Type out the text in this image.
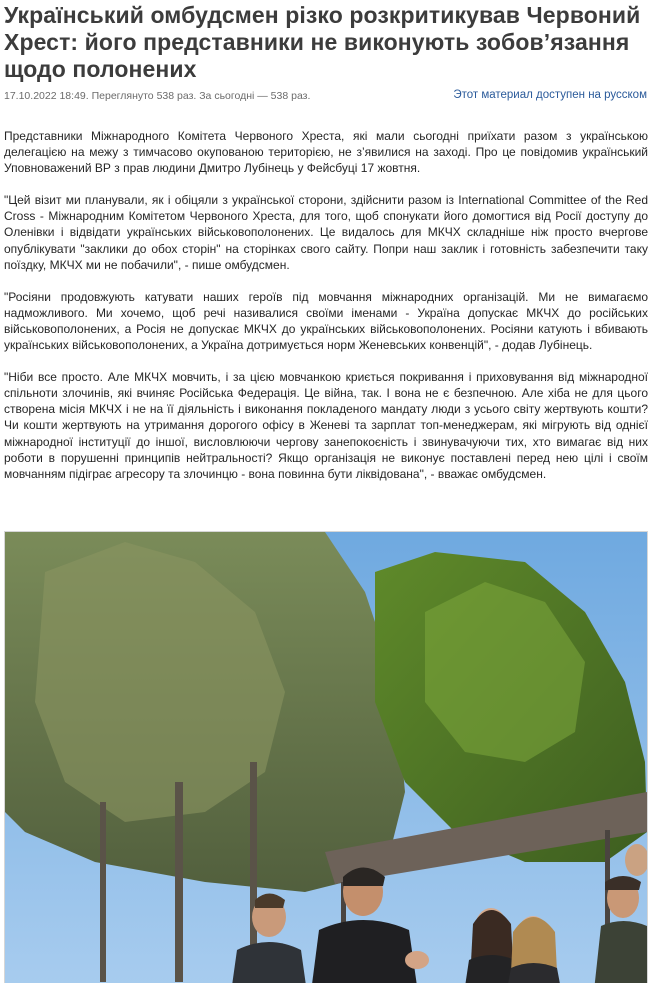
Український омбудсмен різко розкритикував Червоний Хрест: його представники не виконують зобов’язання щодо полонених
17.10.2022 18:49. Переглянуто 538 раз. За сьогодні — 538 раз.	Этот материал доступен на русском

Представники Міжнародного Комітета Червоного Хреста, які мали сьогодні приїхати разом з українською делегацією на межу з тимчасово окупованою територією, не з’явилися на заході. Про це повідомив український Уповноважений ВР з прав людини Дмитро Лубінець у Фейсбуці 17 жовтня.

"Цей візит ми планували, як і обіцяли з української сторони, здійснити разом із International Committee of the Red Cross - Міжнародним Комітетом Червоного Хреста, для того, щоб спонукати його домогтися від Росії доступу до Оленівки і відвідати українських військовополонених. Це видалось для МКЧХ складніше ніж просто вчергове опублікувати "заклики до обох сторін" на сторінках свого сайту. Попри наш заклик і готовність забезпечити таку поїздку, МКЧХ ми не побачили", - пише омбудсмен.

"Росіяни продовжують катувати наших героїв під мовчання міжнародних організацій. Ми не вимагаємо надможливого. Ми хочемо, щоб речі називалися своїми іменами - Україна допускає МКЧХ до російських військовополонених, а Росія не допускає МКЧХ до українських військовополонених. Росіяни катують і вбивають українських військовополонених, а Україна дотримується норм Женевських конвенцій", - додав Лубінець.

"Ніби все просто. Але МКЧХ мовчить, і за цією мовчанкою криється покривання і приховування від міжнародної спільноти злочинів, які вчиняє Російська Федерація. Це війна, так. І вона не є безпечною. Але хіба не для цього створена місія МКЧХ і не на її діяльність і виконання покладеного мандату люди з усього світу жертвують кошти? Чи кошти жертвують на утримання дорогого офісу в Женеві та зарплат топ-менеджерам, які мігрують від однієї міжнародної інституції до іншої, висловлюючи чергову занепокоєність і звинувачуючи тих, хто вимагає від них роботи в порушенні принципів нейтральності? Якщо організація не виконує поставлені перед нею цілі і своїм мовчанням підіграє агресору та злочинцю - вона повинна бути ліквідована", - вважає омбудсмен.
